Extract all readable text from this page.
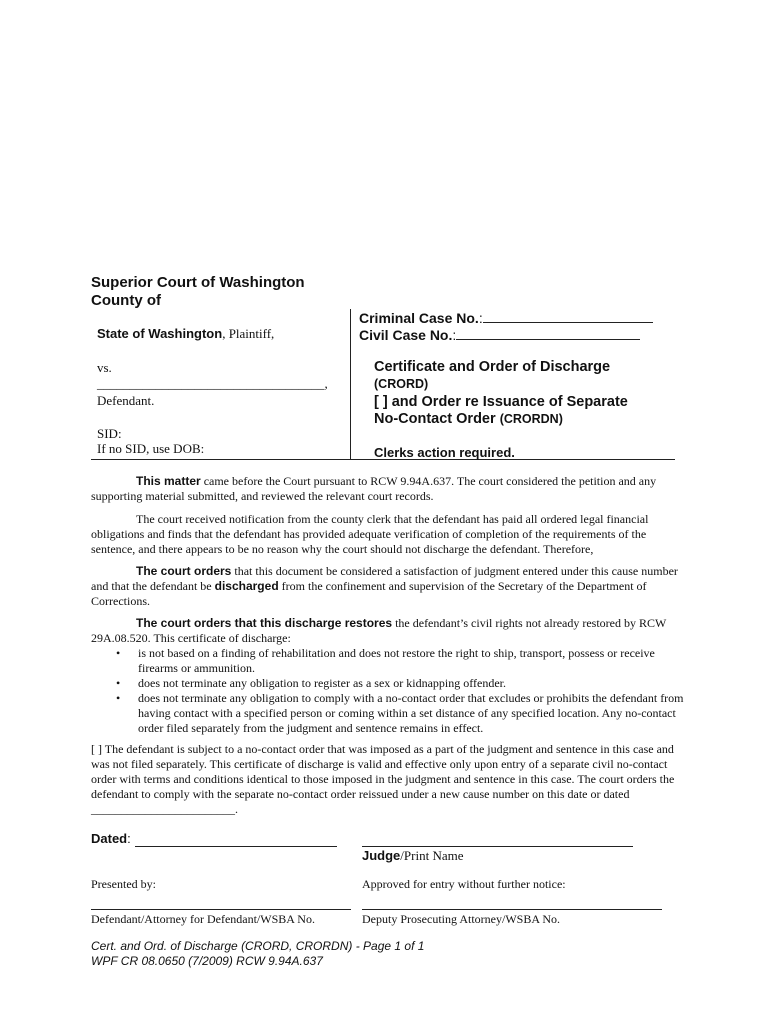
Superior Court of Washington
County of
State of Washington, Plaintiff,
vs.
___________________________________,
Defendant.
SID:
If no SID, use DOB:
Criminal Case No.:
Civil Case No.:
Certificate and Order of Discharge
(CRORD)
[ ] and Order re Issuance of Separate
No-Contact Order (CRORDN)
Clerks action required.
This matter came before the Court pursuant to RCW 9.94A.637. The court considered the petition and any supporting material submitted, and reviewed the relevant court records.
The court received notification from the county clerk that the defendant has paid all ordered legal financial obligations and finds that the defendant has provided adequate verification of completion of the requirements of the sentence, and there appears to be no reason why the court should not discharge the defendant. Therefore,
The court orders that this document be considered a satisfaction of judgment entered under this cause number and that the defendant be discharged from the confinement and supervision of the Secretary of the Department of Corrections.
The court orders that this discharge restores the defendant’s civil rights not already restored by RCW 29A.08.520. This certificate of discharge:
• is not based on a finding of rehabilitation and does not restore the right to ship, transport, possess or receive firearms or ammunition.
• does not terminate any obligation to register as a sex or kidnapping offender.
• does not terminate any obligation to comply with a no-contact order that excludes or prohibits the defendant from having contact with a specified person or coming within a set distance of any specified location. Any no-contact order filed separately from the judgment and sentence remains in effect.
[ ] The defendant is subject to a no-contact order that was imposed as a part of the judgment and sentence in this case and was not filed separately. This certificate of discharge is valid and effective only upon entry of a separate civil no-contact order with terms and conditions identical to those imposed in the judgment and sentence in this case. The court orders the defendant to comply with the separate no-contact order reissued under a new cause number on this date or dated ________________________.
Dated:
Judge/Print Name
Presented by:	Approved for entry without further notice:
Defendant/Attorney for Defendant/WSBA No.	Deputy Prosecuting Attorney/WSBA No.
Cert. and Ord. of Discharge (CRORD, CRORDN) - Page 1 of 1
WPF CR 08.0650 (7/2009) RCW 9.94A.637
